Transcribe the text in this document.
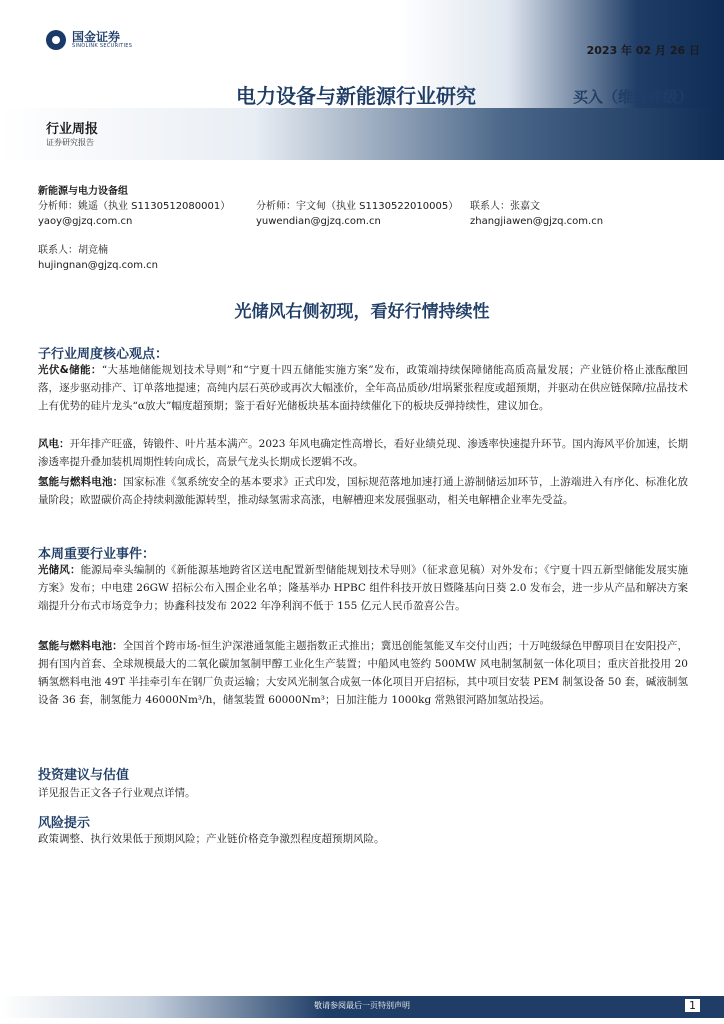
国金证券
SINOLINK SECURITIES	2023 年 02 月 26 日
电力设备与新能源行业研究	买入（维持评级）
行业周报
证券研究报告
新能源与电力设备组
分析师：姚遥（执业 S1130512080001）	分析师：宇文甸（执业 S1130522010005）	联系人：张嘉文
yaoy@gjzq.com.cn	yuwendian@gjzq.com.cn	zhangjiawen@gjzq.com.cn
联系人：胡竞楠
hujingnan@gjzq.com.cn
光储风右侧初现，看好行情持续性
子行业周度核心观点：
光伏&储能：“大基地储能规划技术导则”和“宁夏十四五储能实施方案”发布，政策端持续保障储能高质高量发展；产业链价格止涨酝酿回落，逐步驱动排产、订单落地提速；高纯内层石英砂或再次大幅涨价，全年高品质砂/坩埚紧张程度或超预期，并驱动在供应链保障/拉晶技术上有优势的硅片龙头“α放大”幅度超预期；鉴于看好光储板块基本面持续催化下的板块反弹持续性，建议加仓。
风电：开年排产旺盛，铸锻件、叶片基本满产。2023 年风电确定性高增长，看好业绩兑现、渗透率快速提升环节。国内海风平价加速，长期渗透率提升叠加装机周期性转向成长，高景气龙头长期成长逻辑不改。
氢能与燃料电池：国家标准《氢系统安全的基本要求》正式印发，国标规范落地加速打通上游制储运加环节，上游端进入有序化、标准化放量阶段；欧盟碳价高企持续刺激能源转型，推动绿氢需求高涨，电解槽迎来发展强驱动，相关电解槽企业率先受益。
本周重要行业事件：
光储风：能源局牵头编制的《新能源基地跨省区送电配置新型储能规划技术导则》（征求意见稿）对外发布；《宁夏十四五新型储能发展实施方案》发布；中电建 26GW 招标公布入围企业名单；隆基举办 HPBC 组件科技开放日暨隆基向日葵 2.0 发布会，进一步从产品和解决方案端提升分布式市场竞争力；协鑫科技发布 2022 年净利润不低于 155 亿元人民币盈喜公告。
氢能与燃料电池：全国首个跨市场-恒生沪深港通氢能主题指数正式推出；冀迅创能氢能叉车交付山西；十万吨级绿色甲醇项目在安阳投产，拥有国内首套、全球规模最大的二氧化碳加氢制甲醇工业化生产装置；中船风电签约 500MW 风电制氢制氨一体化项目；重庆首批投用 20 辆氢燃料电池 49T 半挂牵引车在钢厂负责运输；大安风光制氢合成氨一体化项目开启招标，其中项目安装 PEM 制氢设备 50 套，碱液制氢设备 36 套，制氢能力 46000Nm³/h，储氢装置 60000Nm³；日加注能力 1000kg 常熟银河路加氢站投运。
投资建议与估值
详见报告正文各子行业观点详情。
风险提示
政策调整、执行效果低于预期风险；产业链价格竞争激烈程度超预期风险。
敬请参阅最后一页特别声明	1
